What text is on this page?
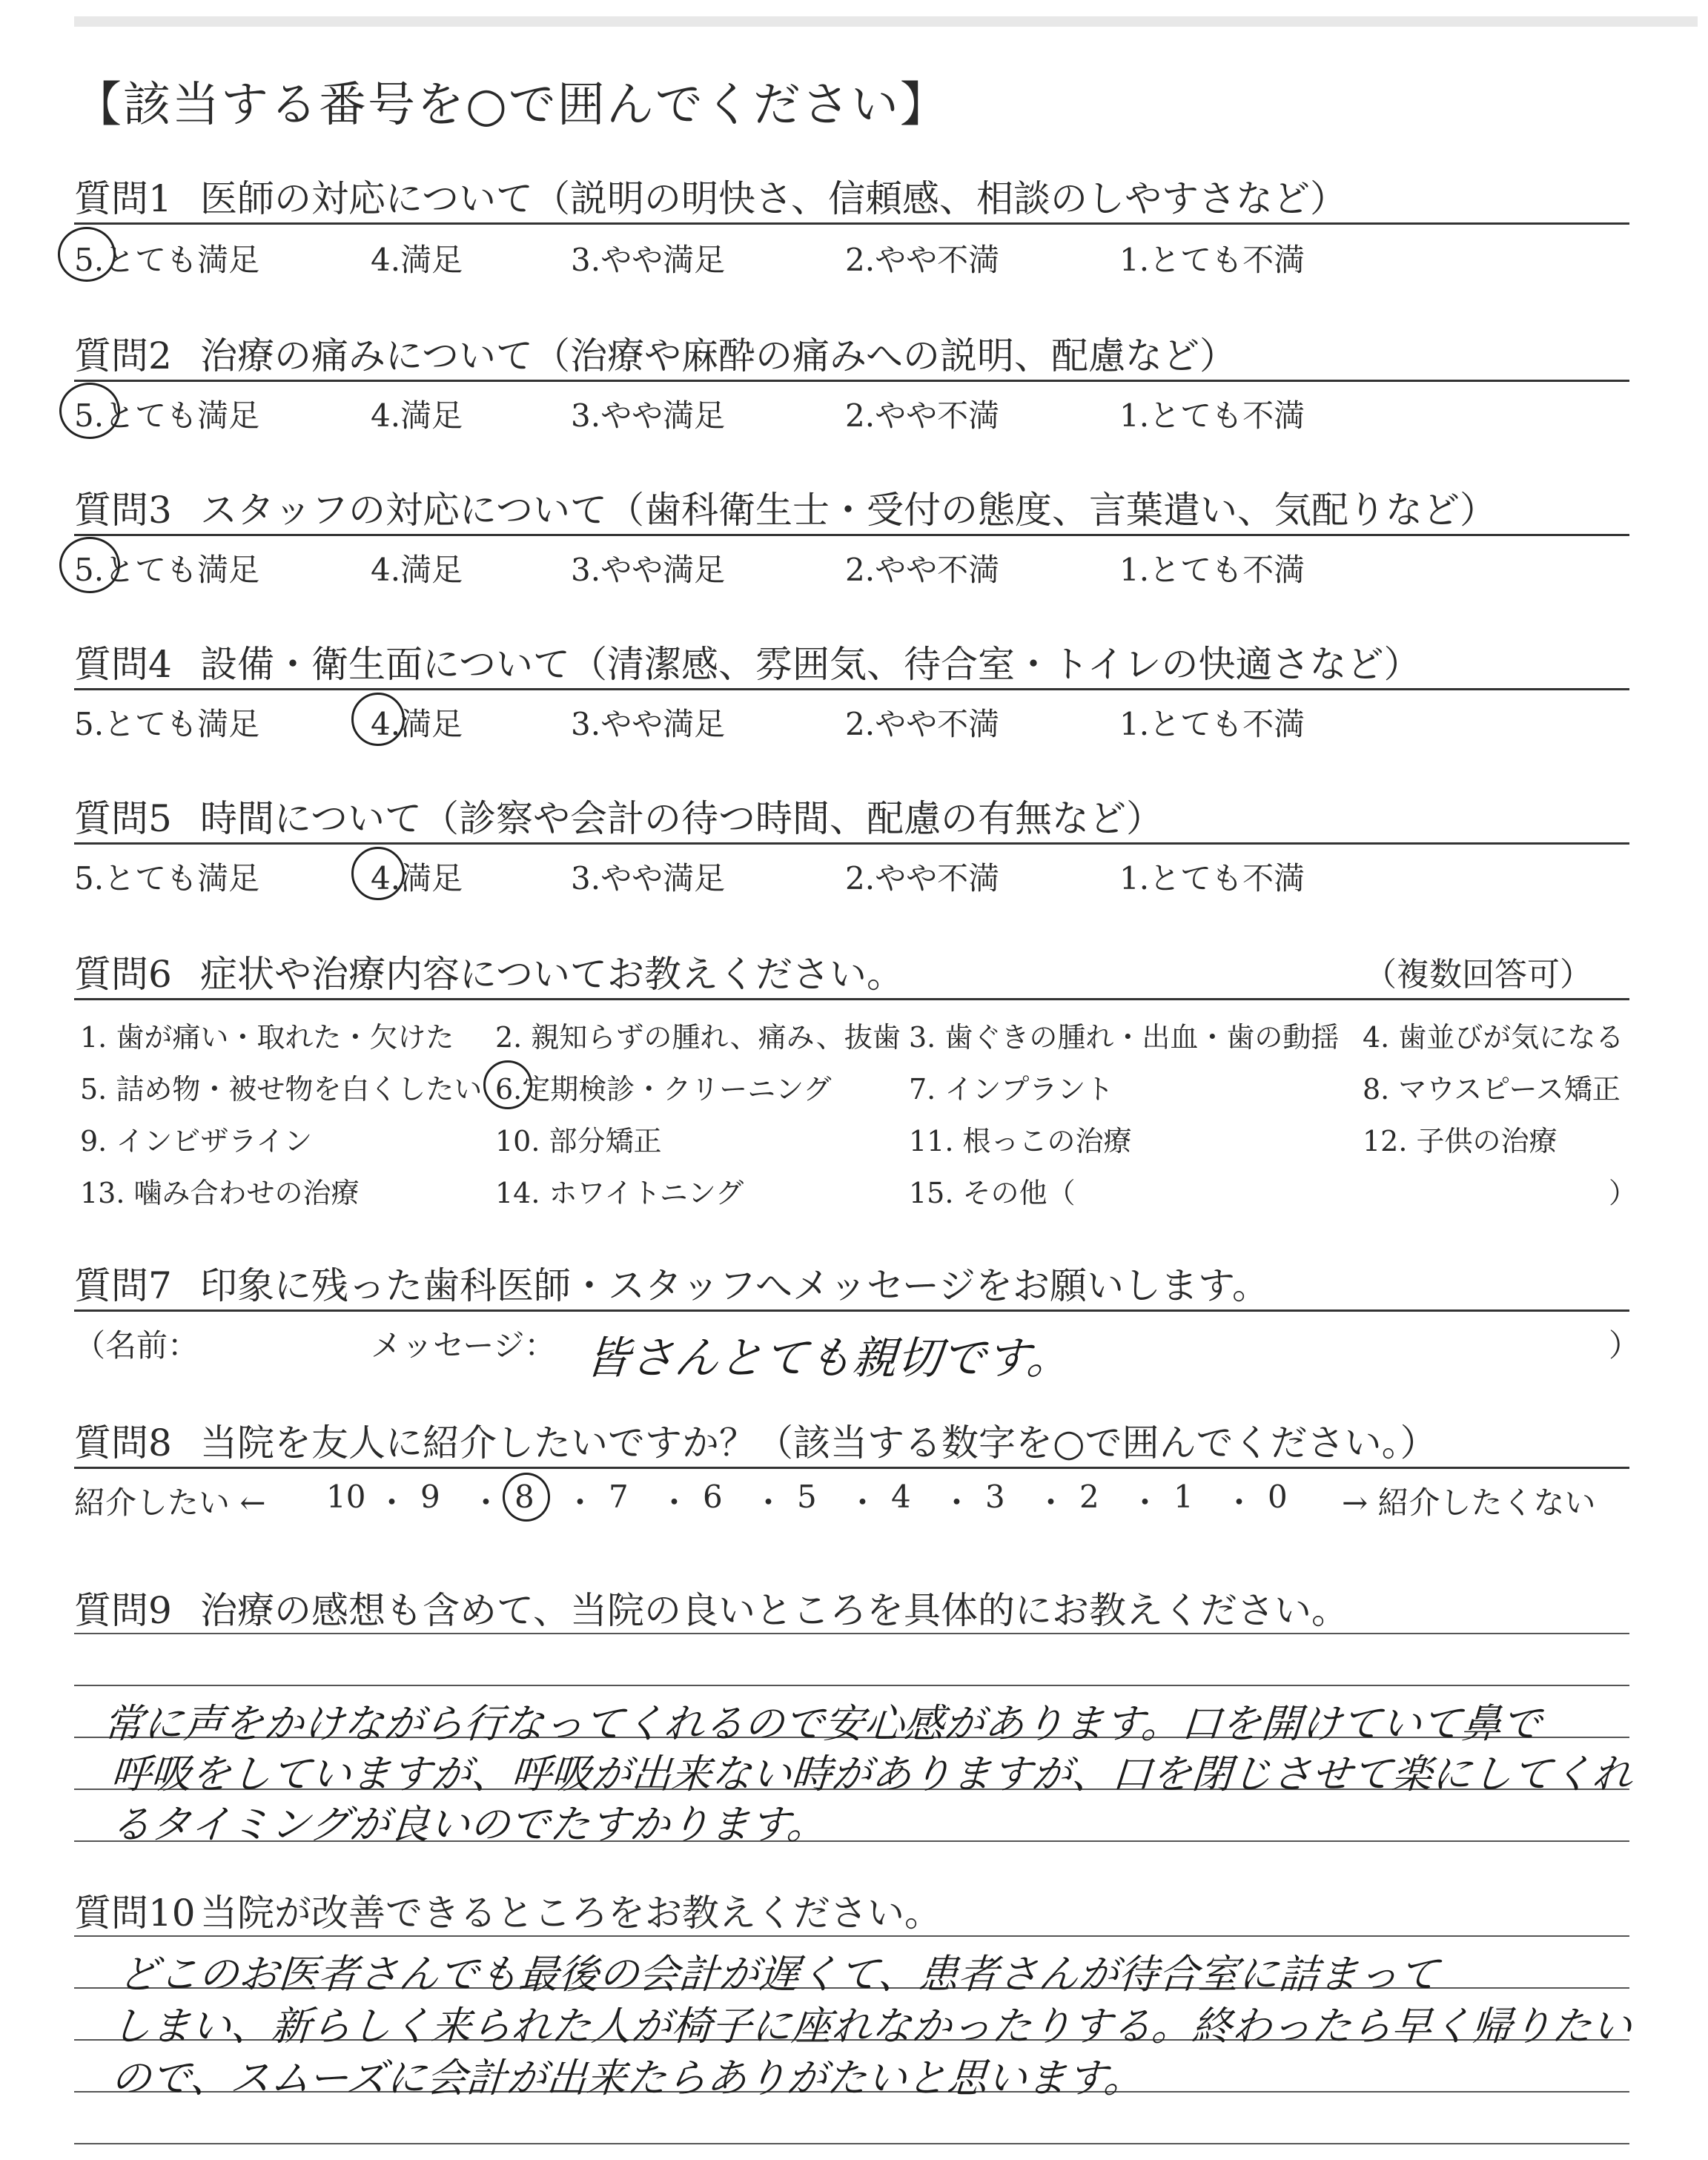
【該当する番号を○で囲んでください】
質問1 医師の対応について（説明の明快さ、信頼感、相談のしやすさなど）
5.とても満足	4.満足	3.やや満足	2.やや不満	1.とても不満
質問2 治療の痛みについて（治療や麻酔の痛みへの説明、配慮など）
5.とても満足	4.満足	3.やや満足	2.やや不満	1.とても不満
質問3 スタッフの対応について（歯科衛生士・受付の態度、言葉遣い、気配りなど）
5.とても満足	4.満足	3.やや満足	2.やや不満	1.とても不満
質問4 設備・衛生面について（清潔感、雰囲気、待合室・トイレの快適さなど）
5.とても満足	4.満足	3.やや満足	2.やや不満	1.とても不満
質問5 時間について（診察や会計の待つ時間、配慮の有無など）
5.とても満足	4.満足	3.やや満足	2.やや不満	1.とても不満
質問6 症状や治療内容についてお教えください。	（複数回答可）
1. 歯が痛い・取れた・欠けた 2. 親知らずの腫れ、痛み、抜歯 3. 歯ぐきの腫れ・出血・歯の動揺 4. 歯並びが気になる
5. 詰め物・被せ物を白くしたい 6.定期検診・クリーニング	7. インプラント	8. マウスピース矯正
9. インビザライン	10. 部分矯正	11. 根っこの治療	12. 子供の治療
13. 噛み合わせの治療	14. ホワイトニング	15. その他（	）
質問7 印象に残った歯科医師・スタッフへメッセージをお願いします。
（名前：	メッセージ：	）
皆さんとても親切です。
質問8 当院を友人に紹介したいですか？（該当する数字を○で囲んでください。）
紹介したい ←	→ 紹介したくない
10 ・ 9 ・ 8 ・ 7 ・ 6 ・ 5 ・ 4 ・ 3 ・ 2 ・ 1 ・ 0
質問9 治療の感想も含めて、当院の良いところを具体的にお教えください。
常に声をかけながら行なってくれるので安心感があります。口を開けていて鼻で
呼吸をしていますが、呼吸が出来ない時がありますが、口を閉じさせて楽にしてくれ
るタイミングが良いのでたすかります。
質問10 当院が改善できるところをお教えください。
どこのお医者さんでも最後の会計が遅くて、患者さんが待合室に詰まって
しまい、新らしく来られた人が椅子に座れなかったりする。終わったら早く帰りたい
ので、スムーズに会計が出来たらありがたいと思います。
